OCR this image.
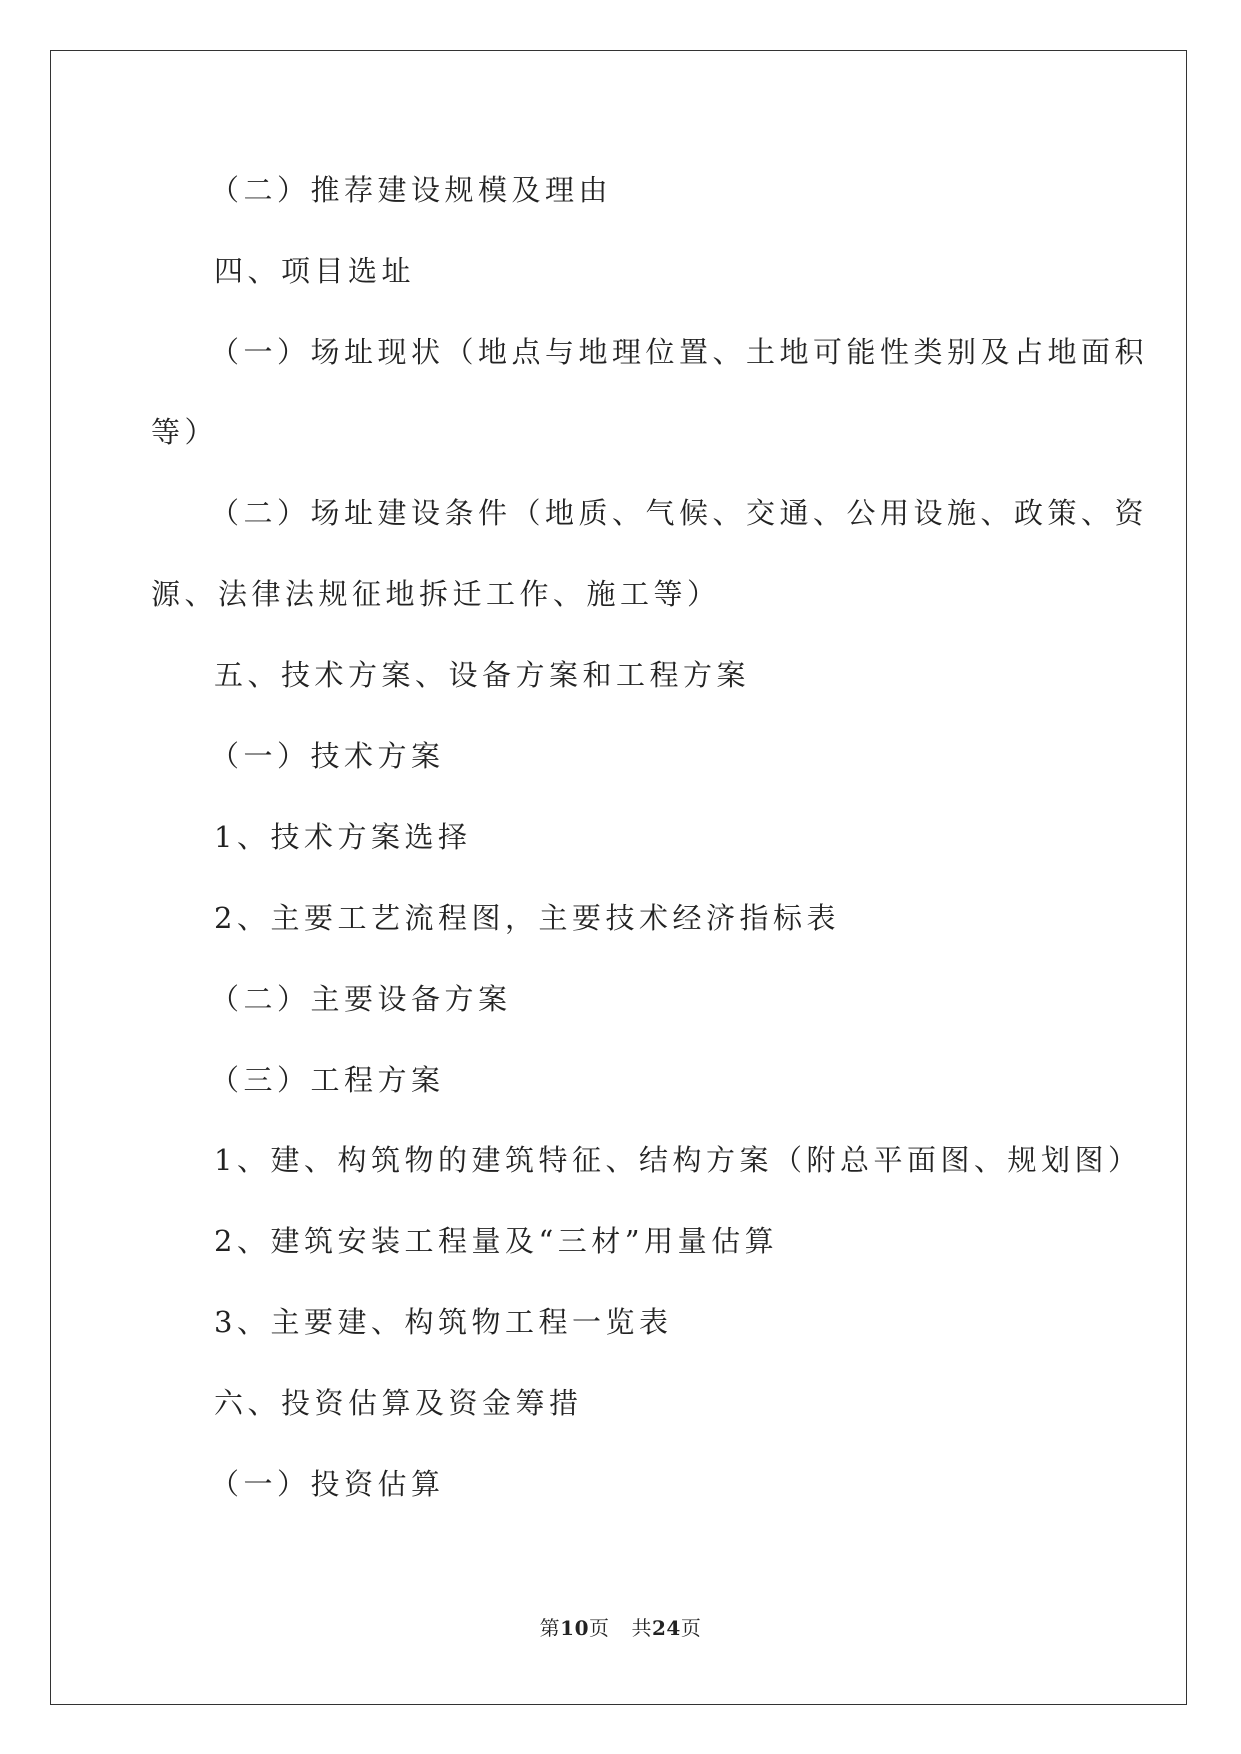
（二）推荐建设规模及理由
四、项目选址
（一）场址现状（地点与地理位置、土地可能性类别及占地面积
等）
（二）场址建设条件（地质、气候、交通、公用设施、政策、资
源、法律法规征地拆迁工作、施工等）
五、技术方案、设备方案和工程方案
（一）技术方案
1、技术方案选择
2、主要工艺流程图，主要技术经济指标表
（二）主要设备方案
（三）工程方案
1、建、构筑物的建筑特征、结构方案（附总平面图、规划图）
2、建筑安装工程量及“三材”用量估算
3、主要建、构筑物工程一览表
六、投资估算及资金筹措
（一）投资估算
第10页 共24页
